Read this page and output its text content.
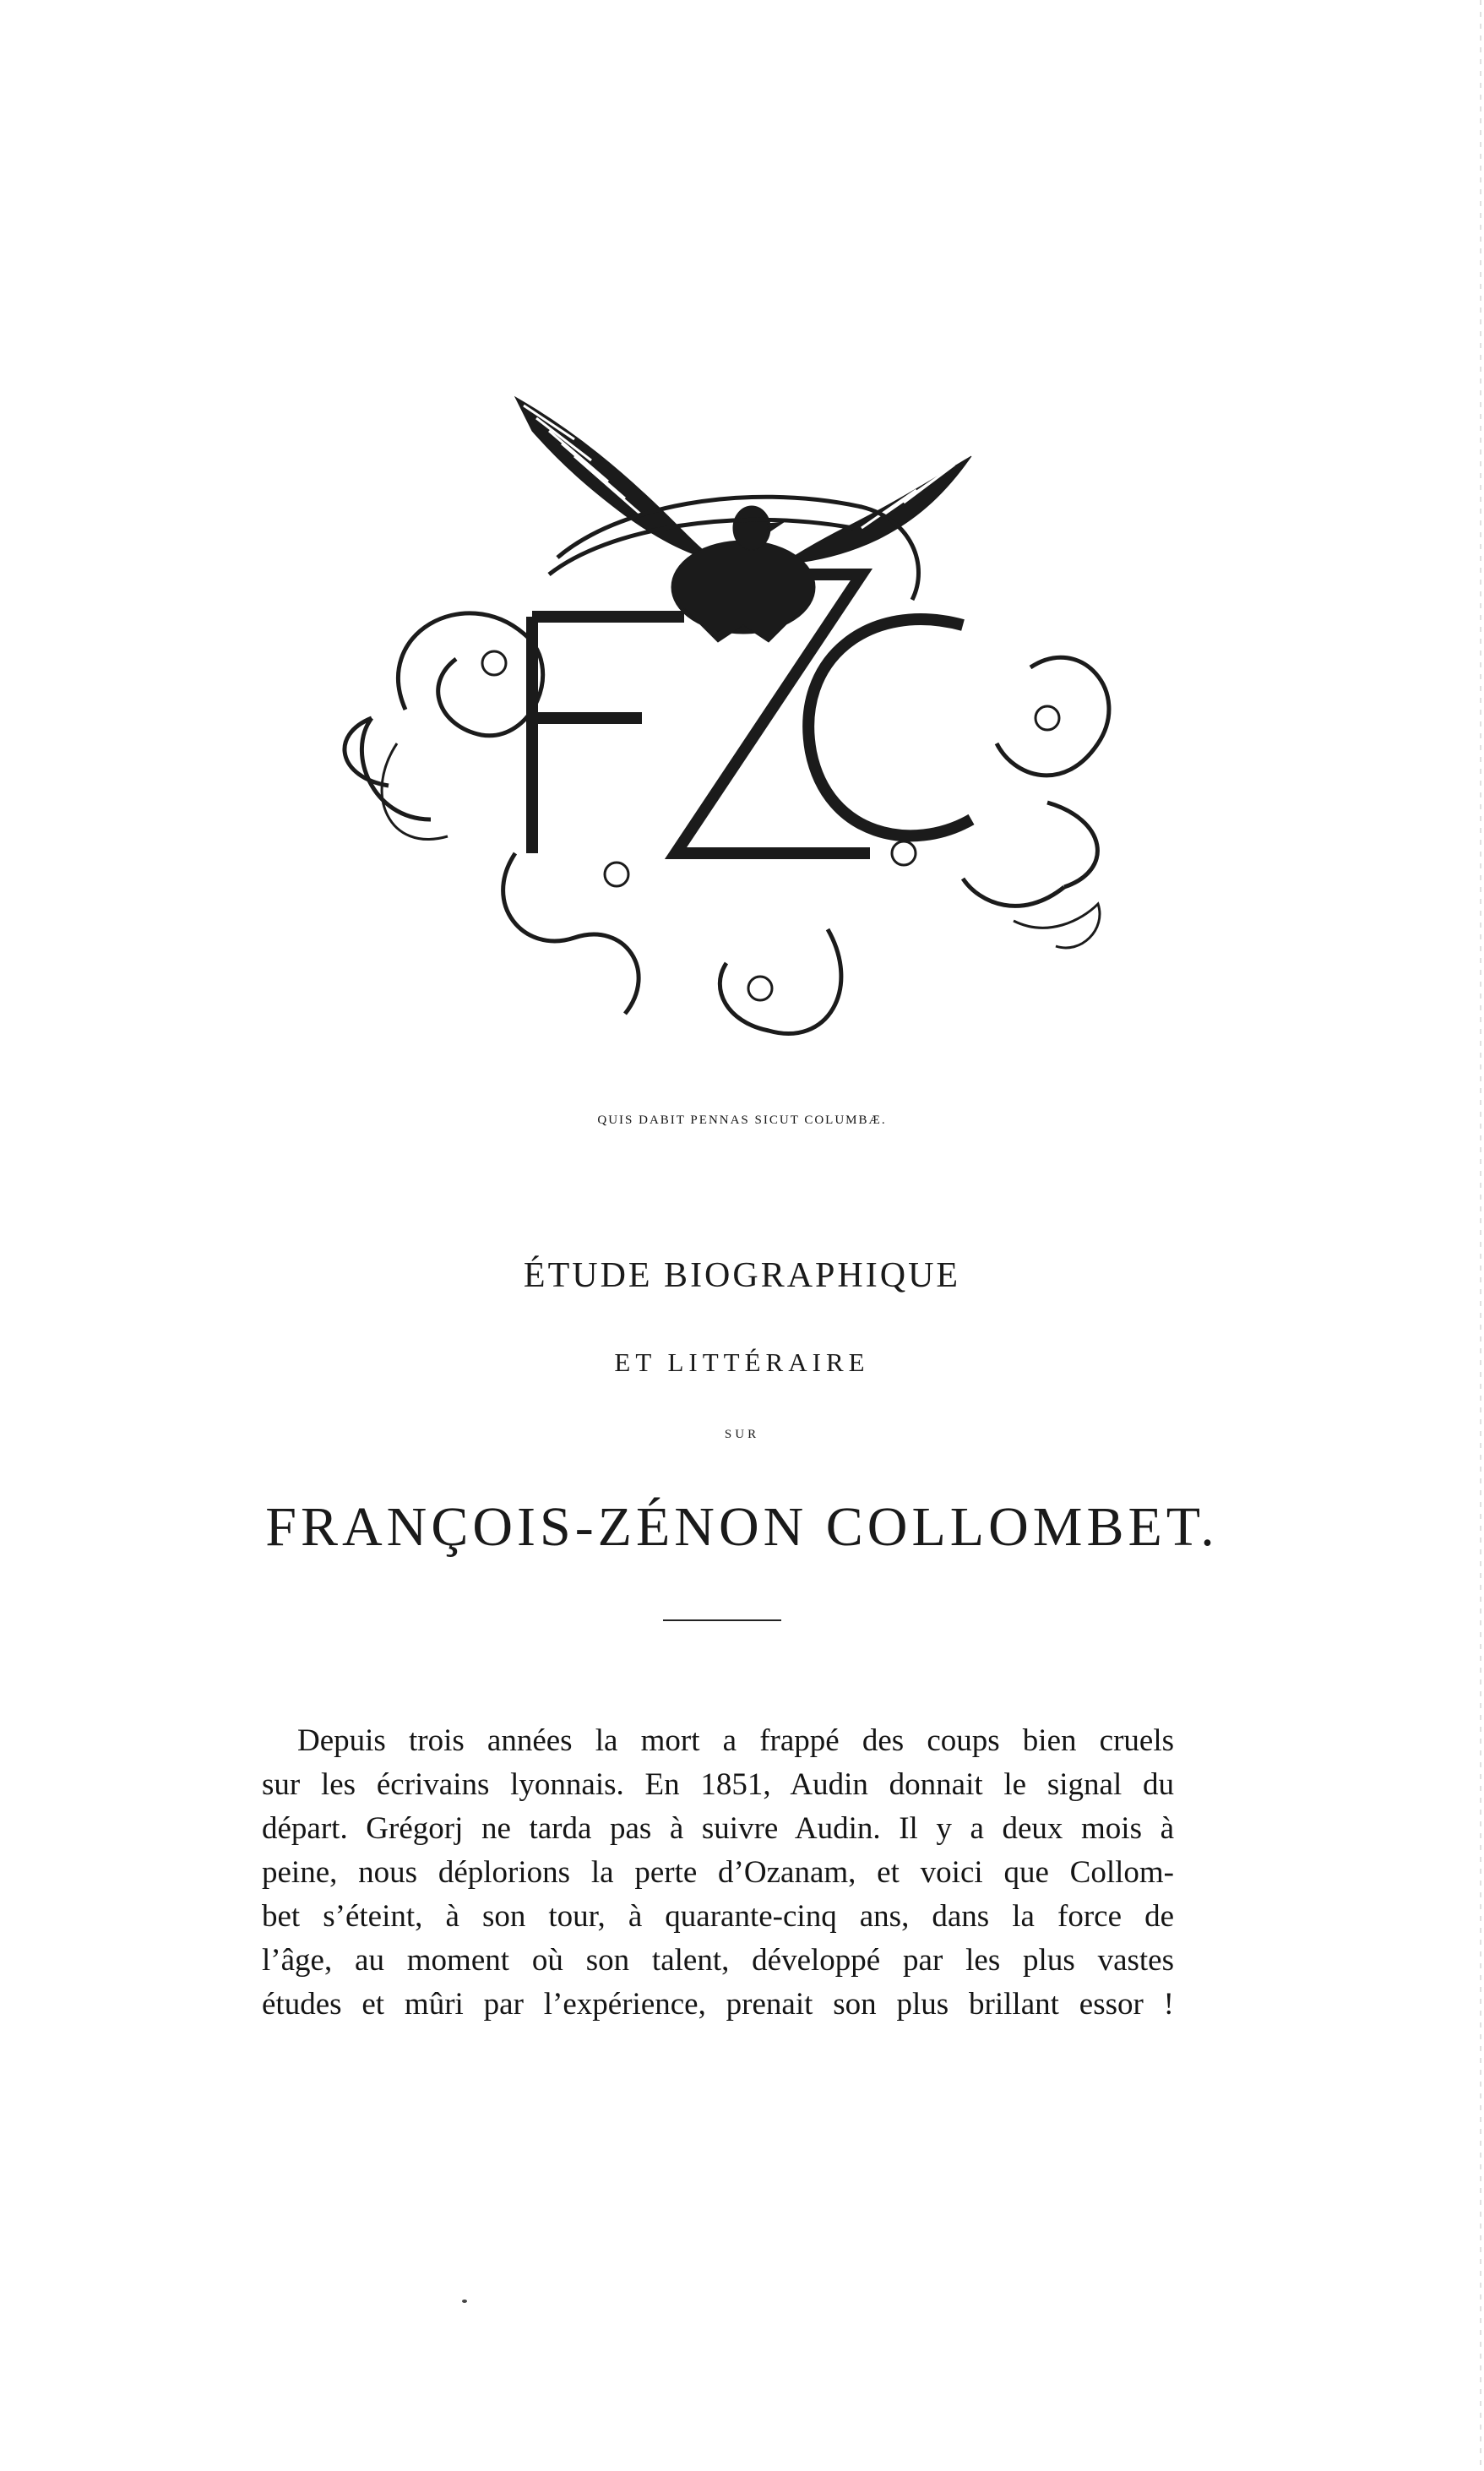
QUIS DABIT PENNAS SICUT COLUMBÆ.
ÉTUDE BIOGRAPHIQUE
ET LITTÉRAIRE
SUR
FRANÇOIS-ZÉNON COLLOMBET.
Depuis trois années la mort a frappé des coups bien cruels
sur les écrivains lyonnais. En 1851, Audin donnait le signal du
départ. Grégorj ne tarda pas à suivre Audin. Il y a deux mois à
peine, nous déplorions la perte d’Ozanam, et voici que Collom-
bet s’éteint, à son tour, à quarante-cinq ans, dans la force de
l’âge, au moment où son talent, développé par les plus vastes
études et mûri par l’expérience, prenait son plus brillant essor !
